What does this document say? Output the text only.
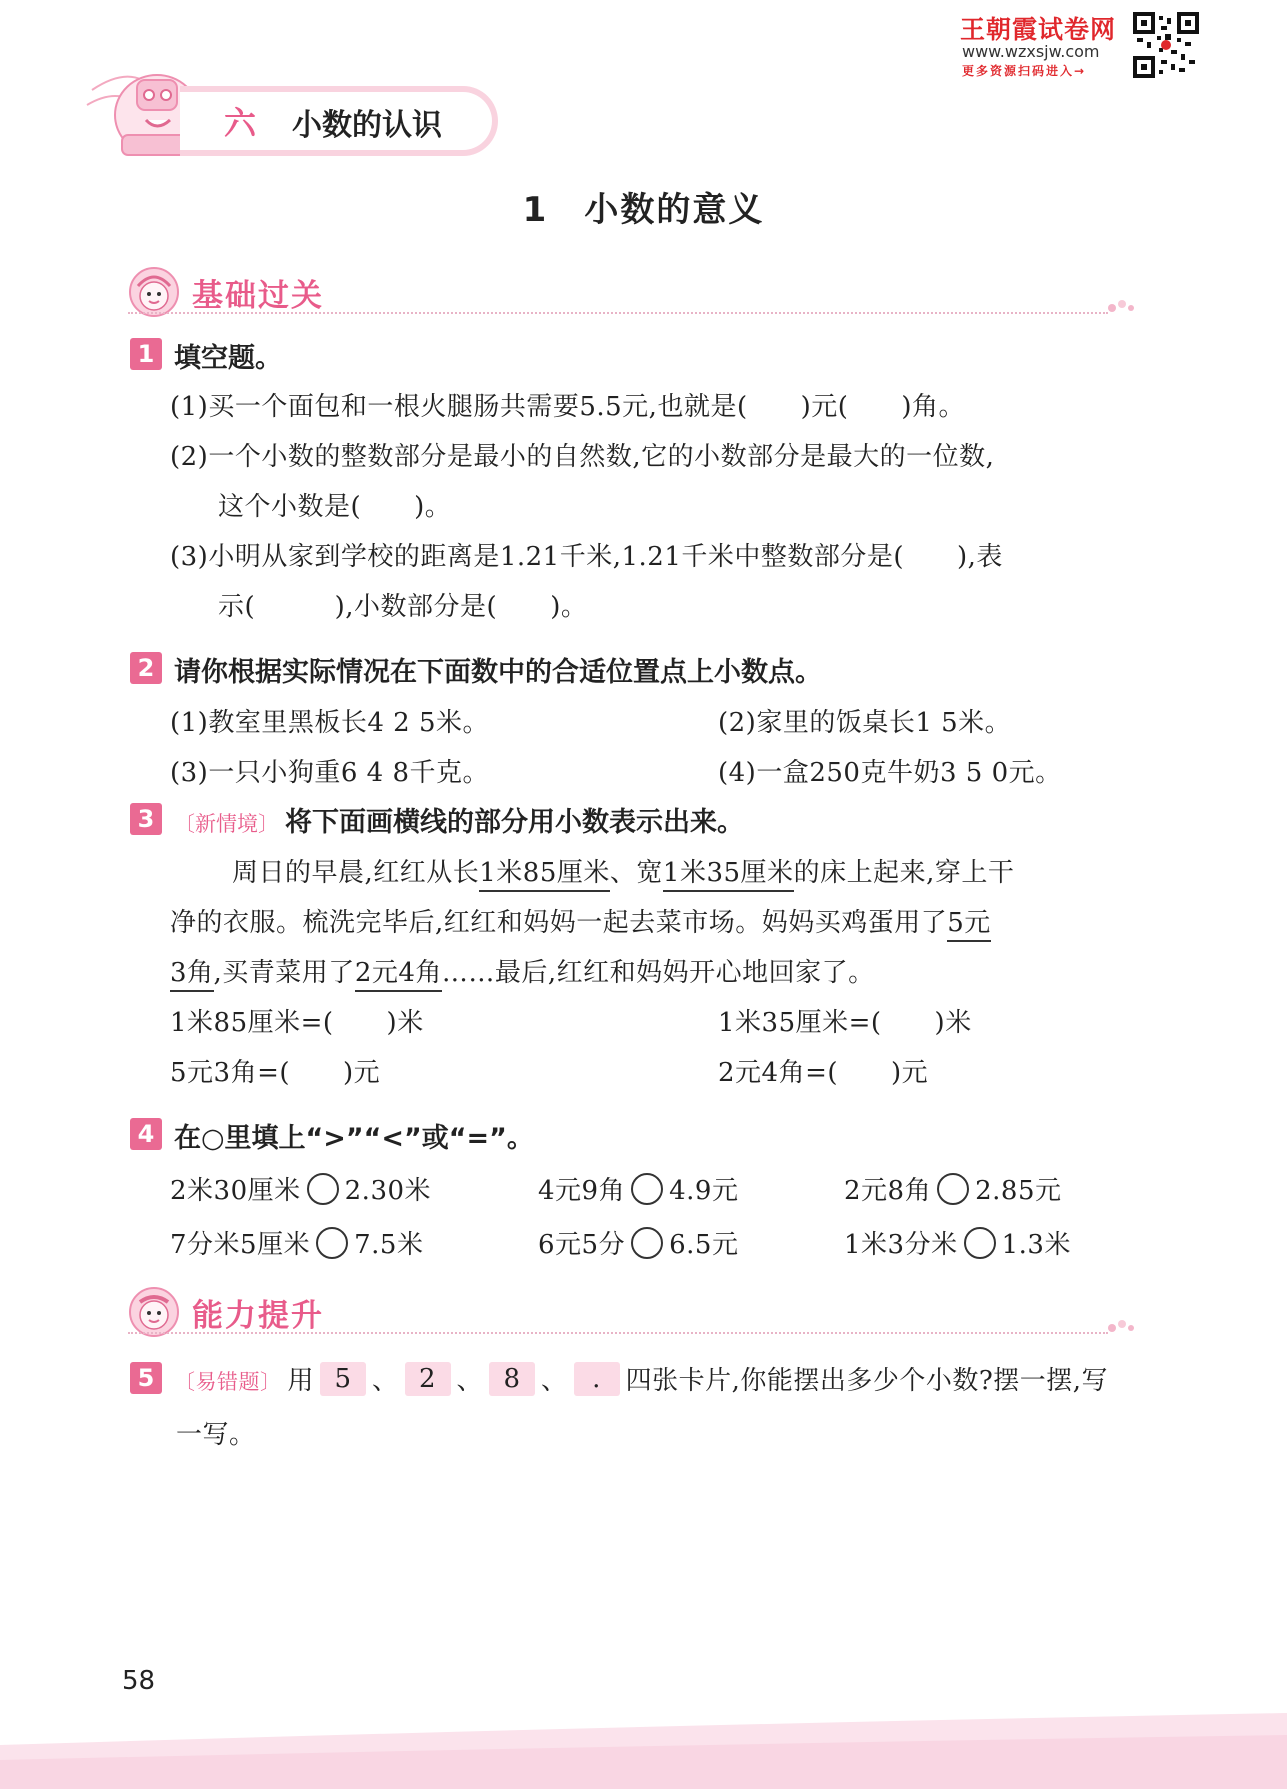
王朝霞试卷网
www.wzxsjw.com
更多资源扫码进入→
六 小数的认识
1　小数的意义
基础过关
1 填空题。
(1)买一个面包和一根火腿肠共需要5.5元,也就是(　　)元(　　)角。
(2)一个小数的整数部分是最小的自然数,它的小数部分是最大的一位数,
这个小数是(　　)。
(3)小明从家到学校的距离是1.21千米,1.21千米中整数部分是(　　),表
示(　　　),小数部分是(　　)。
2 请你根据实际情况在下面数中的合适位置点上小数点。
(1)教室里黑板长4 2 5米。	(2)家里的饭桌长1 5米。
(3)一只小狗重6 4 8千克。	(4)一盒250克牛奶3 5 0元。
3 〔新情境〕 将下面画横线的部分用小数表示出来。
周日的早晨,红红从长1米85厘米、宽1米35厘米的床上起来,穿上干
净的衣服。梳洗完毕后,红红和妈妈一起去菜市场。妈妈买鸡蛋用了5元
3角,买青菜用了2元4角……最后,红红和妈妈开心地回家了。
1米85厘米=(　　)米	1米35厘米=(　　)米
5元3角=(　　)元	2元4角=(　　)元
4 在○里填上“>”“<”或“=”。
2米30厘米 2.30米	4元9角 4.9元	2元8角 2.85元
7分米5厘米 7.5米	6元5分 6.5元	1米3分米 1.3米
能力提升
5 〔易错题〕 用 5 、 2 、 8 、 . 四张卡片,你能摆出多少个小数?摆一摆,写
一写。
58
